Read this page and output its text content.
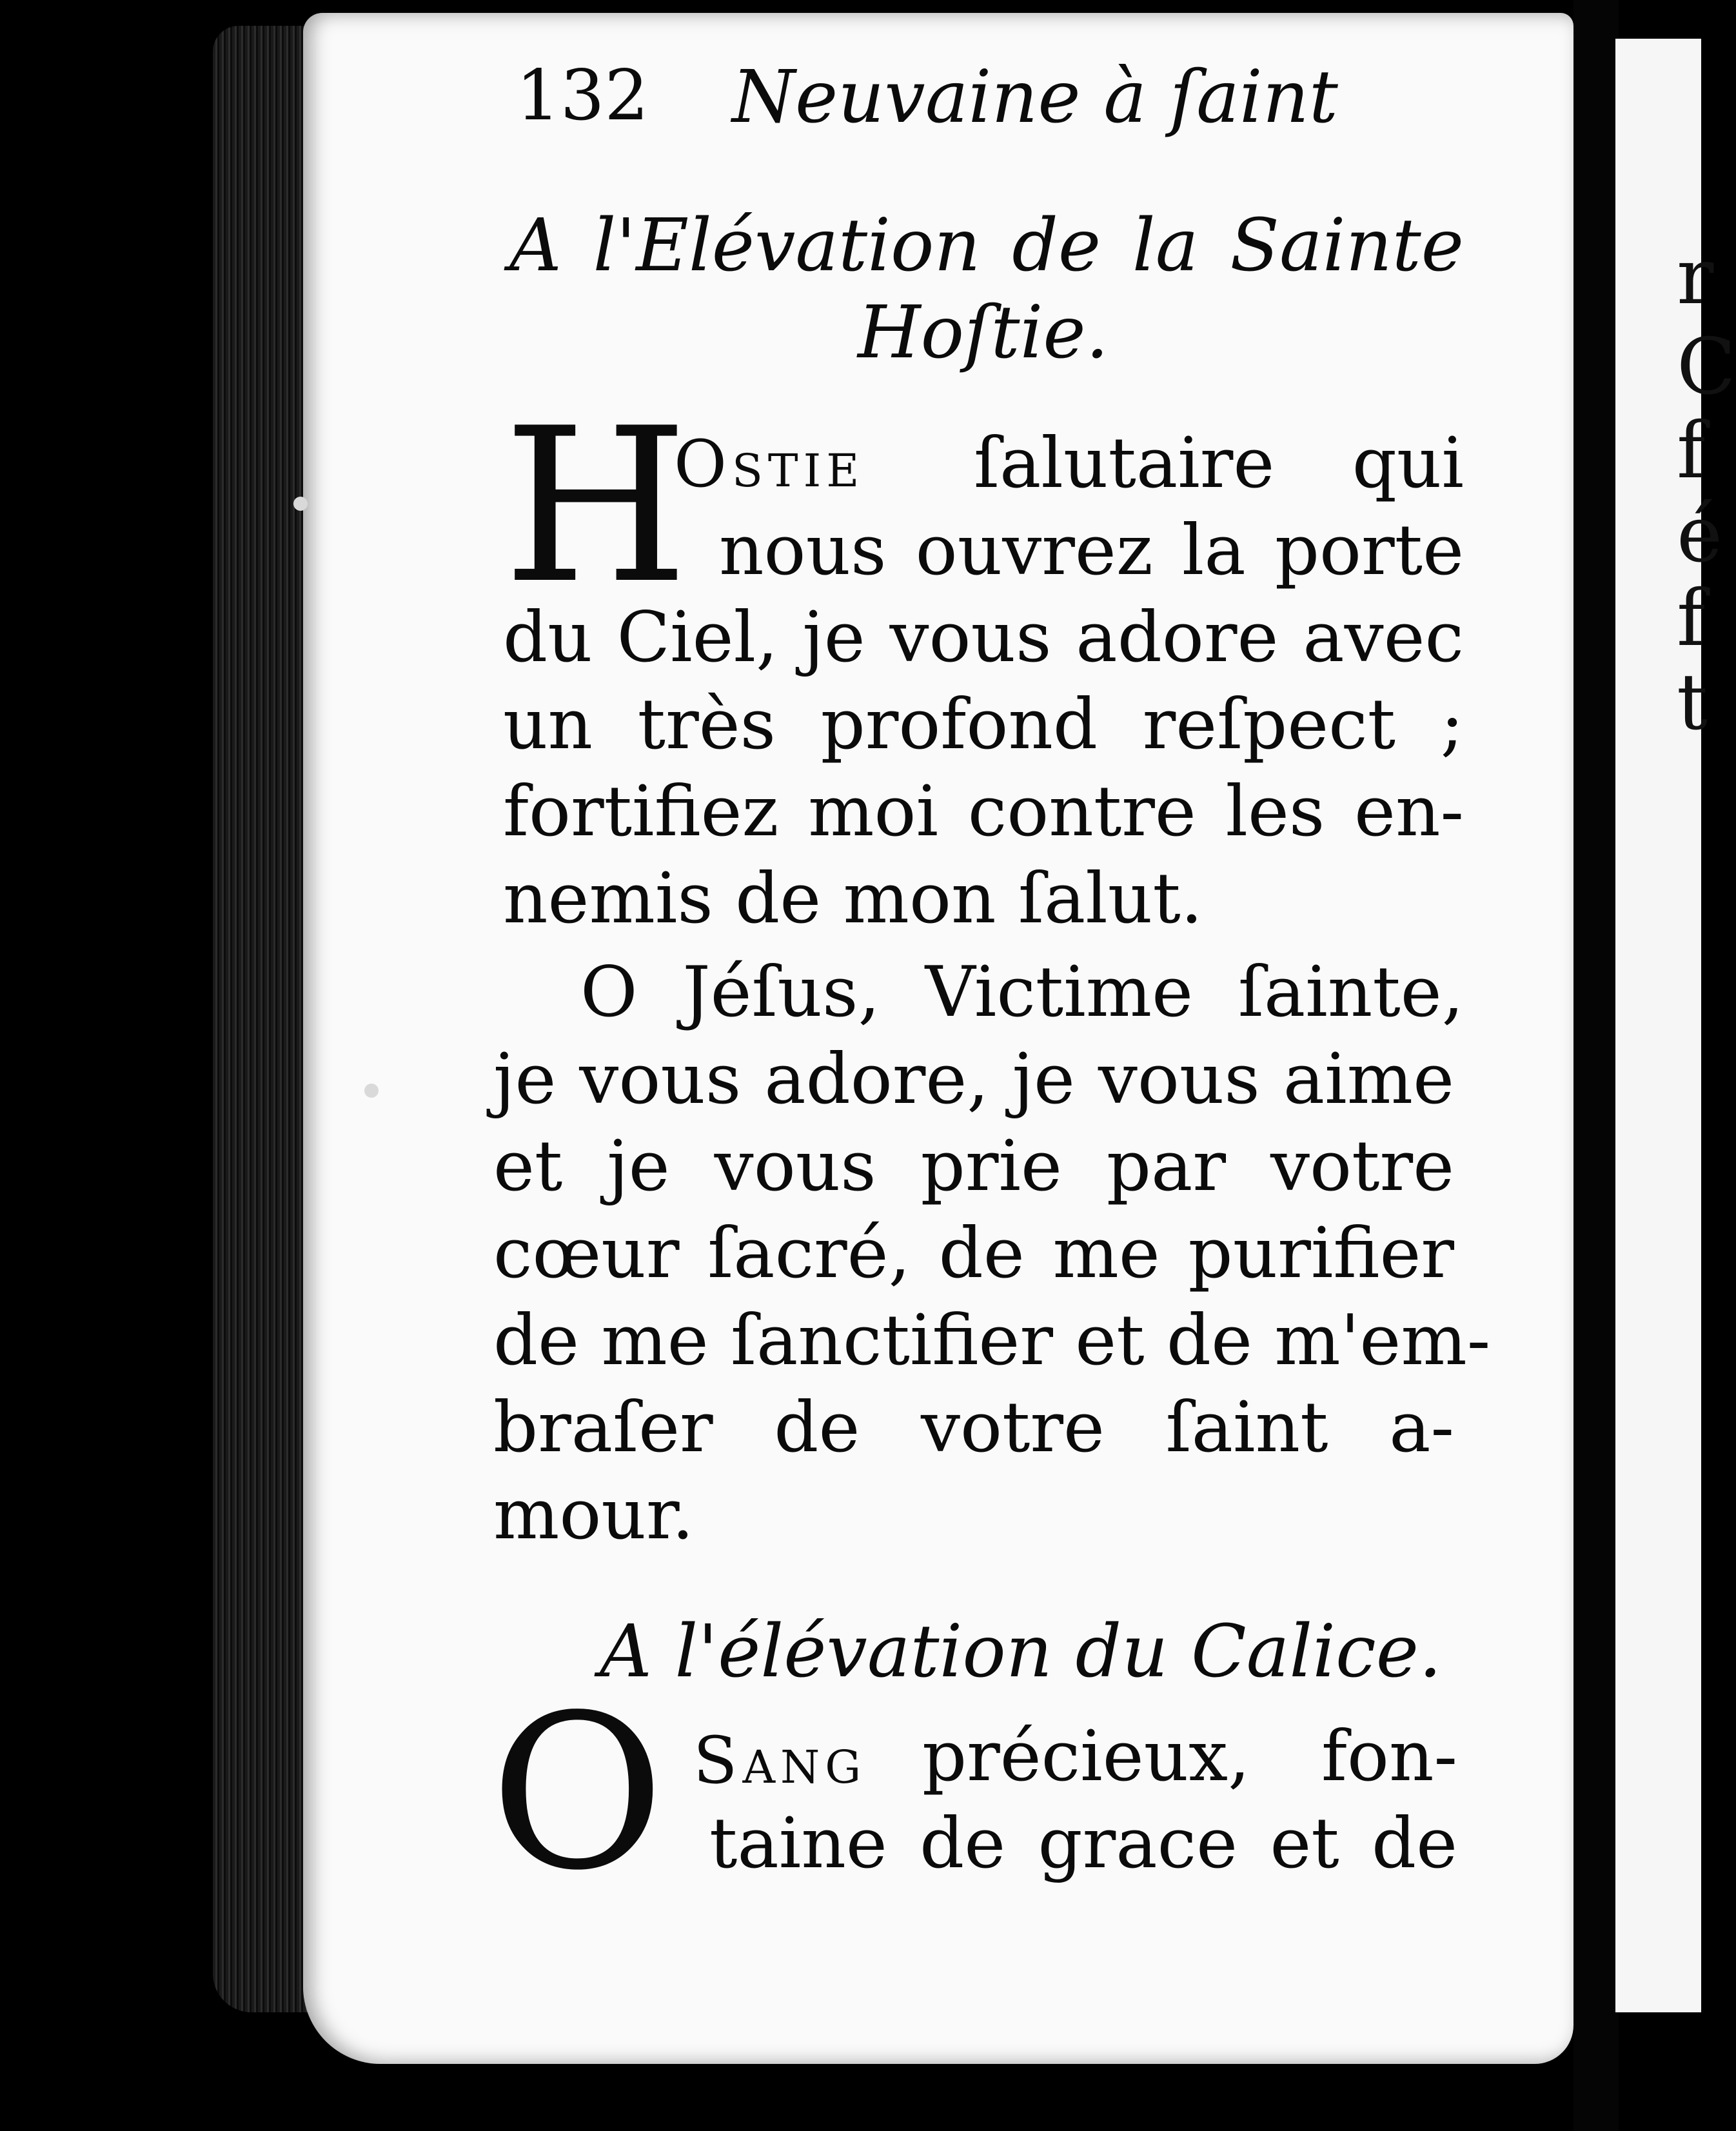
r
C
f
é
f
t
132 Neuvaine à ſaint
A l'Elévation de la Sainte
Hoſtie.
H
Ostie ſalutaire qui
nous ouvrez la porte
du Ciel, je vous adore avec
un très profond reſpect ;
fortifiez moi contre les en-
nemis de mon ſalut.
O Jéſus, Victime ſainte,
je vous adore, je vous aime
et je vous prie par votre
cœur ſacré, de me purifier
de me ſanctifier et de m'em-
braſer de votre ſaint a-
mour.
A l'élévation du Calice.
O Sang précieux, fon-
taine de grace et de
